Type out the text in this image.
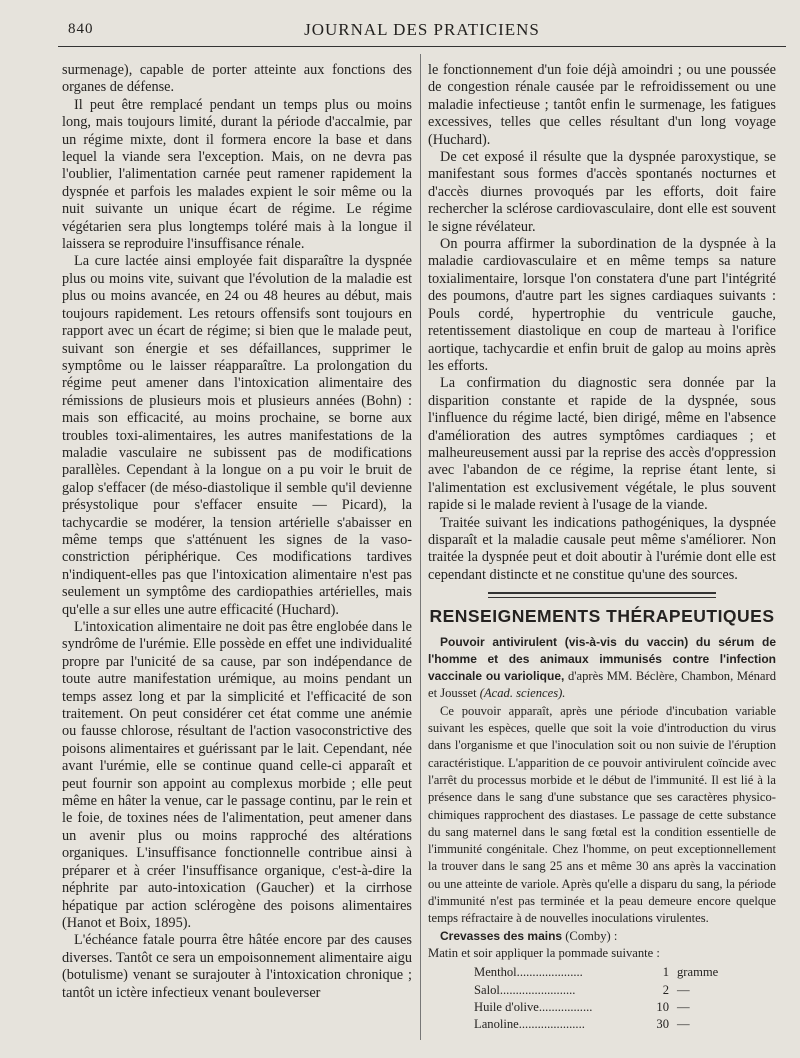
840	JOURNAL DES PRATICIENS

surmenage), capable de porter atteinte aux fonctions des organes de défense.

Il peut être remplacé pendant un temps plus ou moins long, mais toujours limité, durant la période d'accalmie, par un régime mixte, dont il formera encore la base et dans lequel la viande sera l'exception. Mais, on ne devra pas l'oublier, l'alimentation carnée peut ramener rapidement la dyspnée et parfois les malades expient le soir même ou la nuit suivante un unique écart de régime. Le régime végétarien sera plus longtemps toléré mais à la longue il laissera se reproduire l'insuffisance rénale.

La cure lactée ainsi employée fait disparaître la dyspnée plus ou moins vite, suivant que l'évolution de la maladie est plus ou moins avancée, en 24 ou 48 heures au début, mais toujours rapidement. Les retours offensifs sont toujours en rapport avec un écart de régime; si bien que le malade peut, suivant son énergie et ses défaillances, supprimer le symptôme ou le laisser réapparaître. La prolongation du régime peut amener dans l'intoxication alimentaire des rémissions de plusieurs mois et plusieurs années (Bohn) : mais son efficacité, au moins prochaine, se borne aux troubles toxi-alimentaires, les autres manifestations de la maladie vasculaire ne subissent pas de modifications parallèles. Cependant à la longue on a pu voir le bruit de galop s'effacer (de méso-diastolique il semble qu'il devienne présystolique pour s'effacer ensuite — Picard), la tachycardie se modérer, la tension artérielle s'abaisser en même temps que s'atténuent les signes de la vaso-constriction périphérique. Ces modifications tardives n'indiquent-elles pas que l'intoxication alimentaire n'est pas seulement un symptôme des cardiopathies artérielles, mais qu'elle a sur elles une autre efficacité (Huchard).

L'intoxication alimentaire ne doit pas être englobée dans le syndrôme de l'urémie. Elle possède en effet une individualité propre par l'unicité de sa cause, par son indépendance de toute autre manifestation urémique, au moins pendant un temps assez long et par la simplicité et l'efficacité de son traitement. On peut considérer cet état comme une anémie ou fausse chlorose, résultant de l'action vasoconstrictive des poisons alimentaires et guérissant par le lait. Cependant, née avant l'urémie, elle se continue quand celle-ci apparaît et peut fournir son appoint au complexus morbide ; elle peut même en hâter la venue, car le passage continu, par le rein et le foie, de toxines nées de l'alimentation, peut amener dans un avenir plus ou moins rapproché des altérations organiques. L'insuffisance fonctionnelle contribue ainsi à préparer et à créer l'insuffisance organique, c'est-à-dire la néphrite par auto-intoxication (Gaucher) et la cirrhose hépatique par action sclérogène des poisons alimentaires (Hanot et Boix, 1895).

L'échéance fatale pourra être hâtée encore par des causes diverses. Tantôt ce sera un empoisonnement alimentaire aigu (botulisme) venant se surajouter à l'intoxication chronique ; tantôt un ictère infectieux venant bouleverser

le fonctionnement d'un foie déjà amoindri ; ou une poussée de congestion rénale causée par le refroidissement ou une maladie infectieuse ; tantôt enfin le surmenage, les fatigues excessives, telles que celles résultant d'un long voyage (Huchard).

De cet exposé il résulte que la dyspnée paroxystique, se manifestant sous formes d'accès spontanés nocturnes et d'accès diurnes provoqués par les efforts, doit faire rechercher la sclérose cardiovasculaire, dont elle est souvent le signe révélateur.

On pourra affirmer la subordination de la dyspnée à la maladie cardiovasculaire et en même temps sa nature toxialimentaire, lorsque l'on constatera d'une part l'intégrité des poumons, d'autre part les signes cardiaques suivants : Pouls cordé, hypertrophie du ventricule gauche, retentissement diastolique en coup de marteau à l'orifice aortique, tachycardie et enfin bruit de galop au moins après les efforts.

La confirmation du diagnostic sera donnée par la disparition constante et rapide de la dyspnée, sous l'influence du régime lacté, bien dirigé, même en l'absence d'amélioration des autres symptômes cardiaques ; et malheureusement aussi par la reprise des accès d'oppression avec l'abandon de ce régime, la reprise étant lente, si l'alimentation est exclusivement végétale, le plus souvent rapide si le malade revient à l'usage de la viande.

Traitée suivant les indications pathogéniques, la dyspnée disparaît et la maladie causale peut même s'améliorer. Non traitée la dyspnée peut et doit aboutir à l'urémie dont elle est cependant distincte et ne constitue qu'une des sources.

RENSEIGNEMENTS THÉRAPEUTIQUES

Pouvoir antivirulent (vis-à-vis du vaccin) du sérum de l'homme et des animaux immunisés contre l'infection vaccinale ou variolique, d'après MM. Béclère, Chambon, Ménard et Jousset (Acad. sciences).

Ce pouvoir apparaît, après une période d'incubation variable suivant les espèces, quelle que soit la voie d'introduction du virus dans l'organisme et que l'inoculation soit ou non suivie de l'éruption caractéristique. L'apparition de ce pouvoir antivirulent coïncide avec l'arrêt du processus morbide et le début de l'immunité. Il est lié à la présence dans le sang d'une substance que ses caractères physico-chimiques rapprochent des diastases. Le passage de cette substance du sang maternel dans le sang fœtal est la condition essentielle de l'immunité congénitale. Chez l'homme, on peut exceptionnellement la trouver dans le sang 25 ans et même 30 ans après la vaccination ou une atteinte de variole. Après qu'elle a disparu du sang, la période d'immunité n'est pas terminée et la peau demeure encore quelque temps réfractaire à de nouvelles inoculations virulentes.

Crevasses des mains (Comby) :

Matin et soir appliquer la pommade suivante :

Menthol.....................	1 gramme
Salol........................	2 —
Huile d'olive.................	10 —
Lanoline.....................	30 —
